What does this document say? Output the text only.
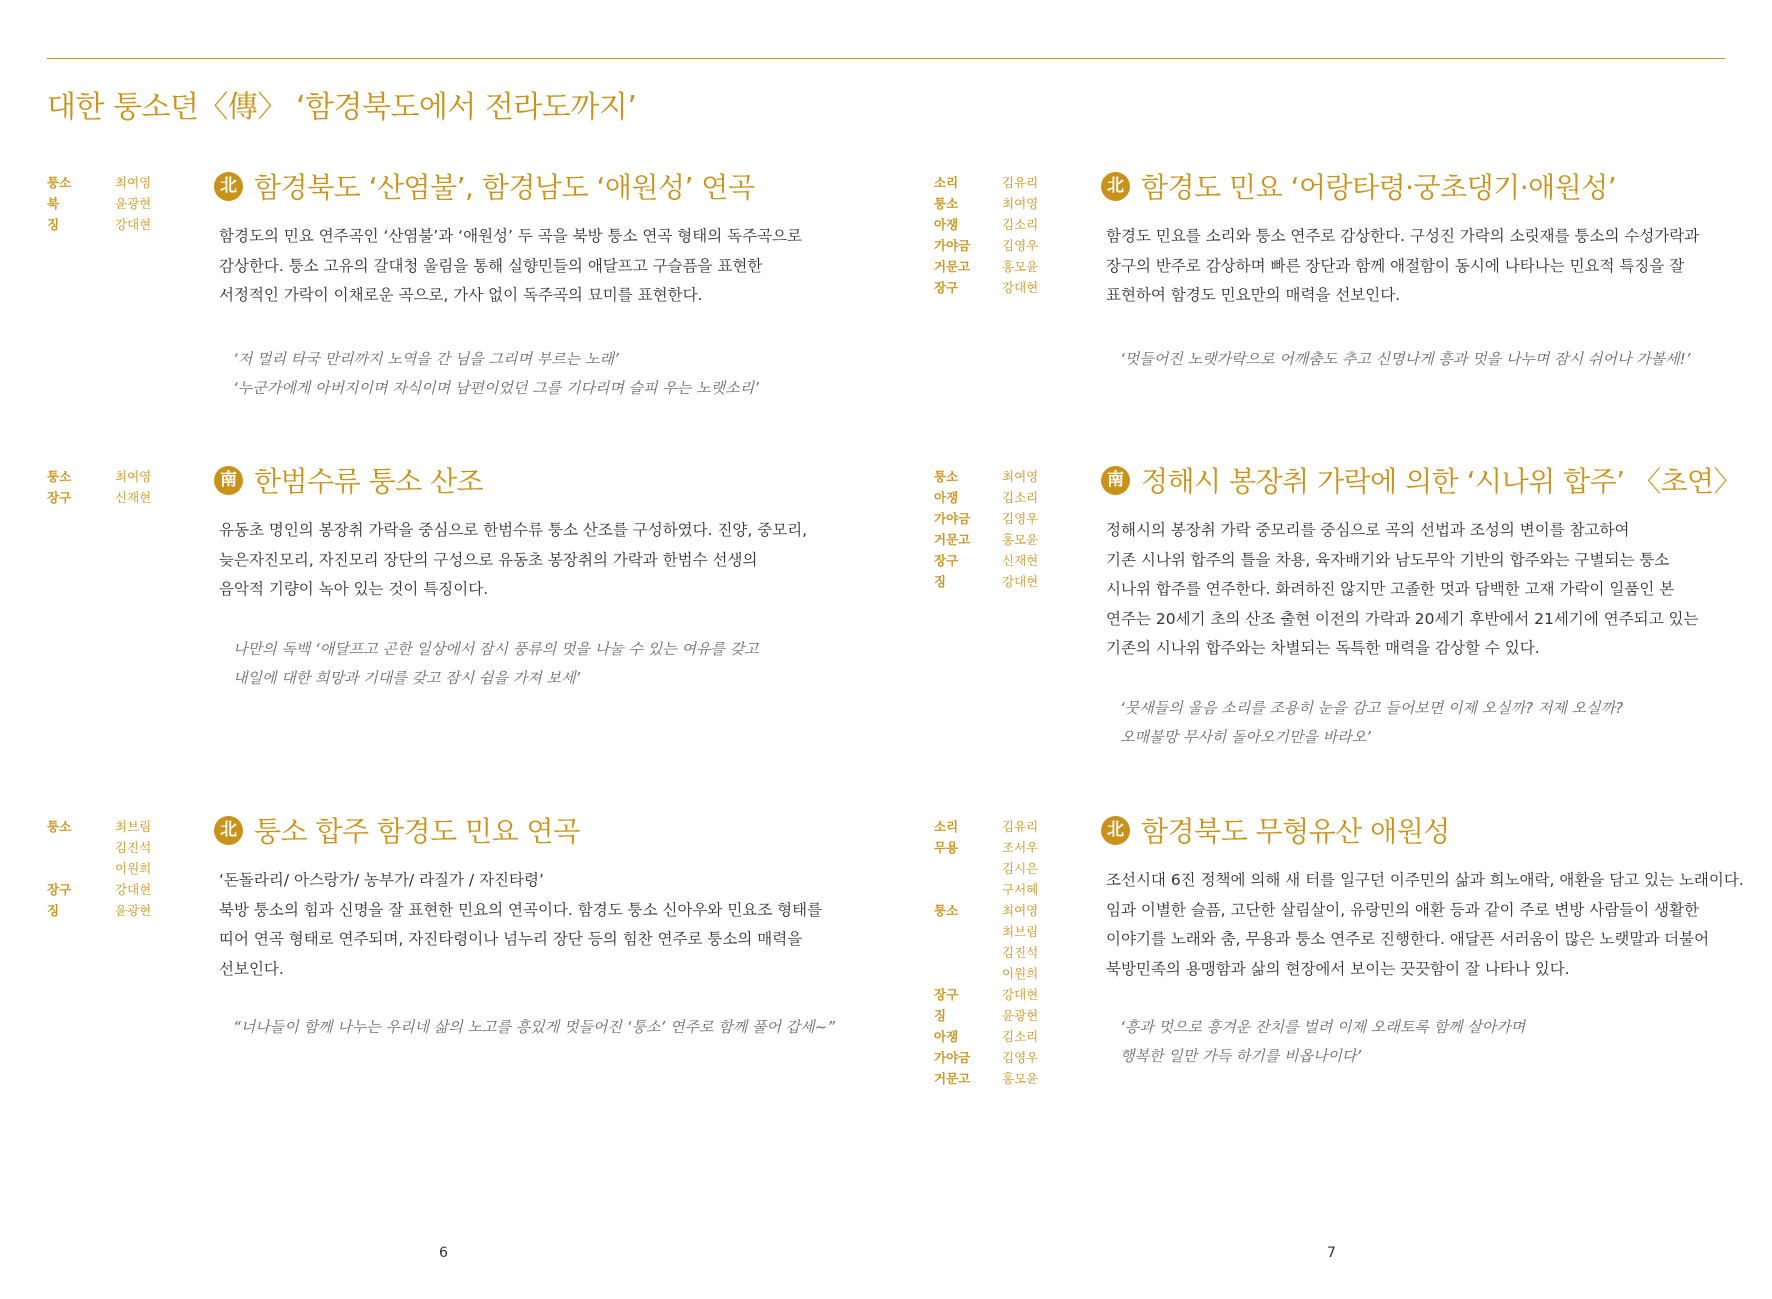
대한 퉁소뎐〈傳〉 ‘함경북도에서 전라도까지’
퉁소	최여영
북	윤광현
징	강대현
北 함경북도 ‘산염불’, 함경남도 ‘애원성’ 연곡

함경도의 민요 연주곡인 ‘산염불’과 ‘애원성’ 두 곡을 북방 퉁소 연곡 형태의 독주곡으로

감상한다. 퉁소 고유의 갈대청 울림을 통해 실향민들의 애달프고 구슬픔을 표현한

서정적인 가락이 이채로운 곡으로, 가사 없이 독주곡의 묘미를 표현한다.

‘저 멀리 타국 만리까지 노역을 간 님을 그리며 부르는 노래’

‘누군가에게 아버지이며 자식이며 남편이었던 그를 기다리며 슬피 우는 노랫소리’

퉁소	최여영
장구	신재현
南 한범수류 퉁소 산조

유동초 명인의 봉장취 가락을 중심으로 한범수류 퉁소 산조를 구성하였다. 진양, 중모리,

늦은자진모리, 자진모리 장단의 구성으로 유동초 봉장취의 가락과 한범수 선생의

음악적 기량이 녹아 있는 것이 특징이다.

나만의 독백 ‘애달프고 곤한 일상에서 잠시 풍류의 멋을 나눌 수 있는 여유를 갖고

내일에 대한 희망과 기대를 갖고 잠시 쉼을 가져 보세’

퉁소	최브림
김진석
이원희
장구	강대현
징	윤광현
北 퉁소 합주 함경도 민요 연곡

‘돈돌라리/ 아스랑가/ 농부가/ 라질가 / 자진타령’

북방 퉁소의 힘과 신명을 잘 표현한 민요의 연곡이다. 함경도 퉁소 신아우와 민요조 형태를

띠어 연곡 형태로 연주되며, 자진타령이나 넘누리 장단 등의 힘찬 연주로 퉁소의 매력을

선보인다.

“너나들이 함께 나누는 우리네 삶의 노고를 흥있게 멋들어진 ‘퉁소’ 연주로 함께 풀어 갑세~”

소리	김유리
퉁소	최여영
아쟁	김소리
가야금	김영우
거문고	홍모윤
장구	강대현
北 함경도 민요 ‘어랑타령·궁초댕기·애원성’

함경도 민요를 소리와 퉁소 연주로 감상한다. 구성진 가락의 소릿재를 퉁소의 수성가락과

장구의 반주로 감상하며 빠른 장단과 함께 애절함이 동시에 나타나는 민요적 특징을 잘

표현하여 함경도 민요만의 매력을 선보인다.

‘멋들어진 노랫가락으로 어깨춤도 추고 신명나게 흥과 멋을 나누며 잠시 쉬어나 가볼세!’

퉁소	최여영
아쟁	김소리
가야금	김영우
거문고	홍모윤
장구	신재현
징	강대현
南 정해시 봉장취 가락에 의한 ‘시나위 합주’ 〈초연〉

정해시의 봉장취 가락 중모리를 중심으로 곡의 선법과 조성의 변이를 참고하여

기존 시나위 합주의 틀을 차용, 육자배기와 남도무악 기반의 합주와는 구별되는 퉁소

시나위 합주를 연주한다. 화려하진 않지만 고졸한 멋과 담백한 고재 가락이 일품인 본

연주는 20세기 초의 산조 출현 이전의 가락과 20세기 후반에서 21세기에 연주되고 있는

기존의 시나위 합주와는 차별되는 독특한 매력을 감상할 수 있다.

‘뭇새들의 울음 소리를 조용히 눈을 감고 들어보면 이제 오실까? 저제 오실까?

오매불망 무사히 돌아오기만을 바라오’

소리	김유리
무용	조서우
김시은
구서혜
퉁소	최여영
최브림
김진석
이원희
장구	강대현
징	윤광현
아쟁	김소리
가야금	김영우
거문고	홍모윤
北 함경북도 무형유산 애원성

조선시대 6진 정책에 의해 새 터를 일구던 이주민의 삶과 희노애락, 애환을 담고 있는 노래이다.

임과 이별한 슬픔, 고단한 살림살이, 유랑민의 애환 등과 같이 주로 변방 사람들이 생활한

이야기를 노래와 춤, 무용과 퉁소 연주로 진행한다. 애달픈 서러움이 많은 노랫말과 더불어

북방민족의 용맹함과 삶의 현장에서 보이는 끗끗함이 잘 나타나 있다.

‘흥과 멋으로 흥겨운 잔치를 벌려 이제 오래토록 함께 살아가며

행복한 일만 가득 하기를 비옵나이다’

6	7
